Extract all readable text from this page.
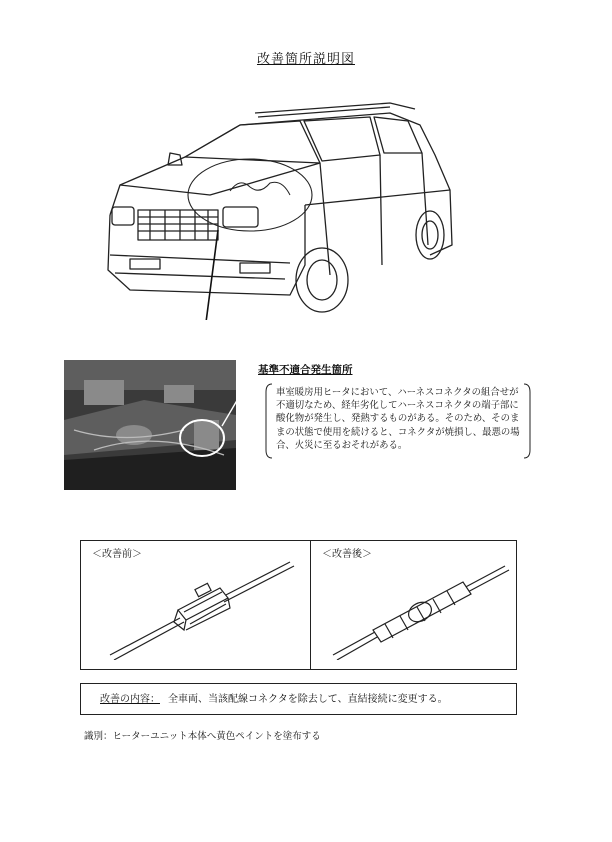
改善箇所説明図
基準不適合発生箇所
車室暖房用ヒータにおいて、ハーネスコネクタの組合せが不適切なため、経年劣化してハーネスコネクタの端子部に酸化物が発生し、発熱するものがある。そのため、そのままの状態で使用を続けると、コネクタが焼損し、最悪の場合、火災に至るおそれがある。
＜改善前＞	＜改善後＞
改善の内容： 全車両、当該配線コネクタを除去して、直結接続に変更する。
識別：ヒーターユニット本体へ黄色ペイントを塗布する
